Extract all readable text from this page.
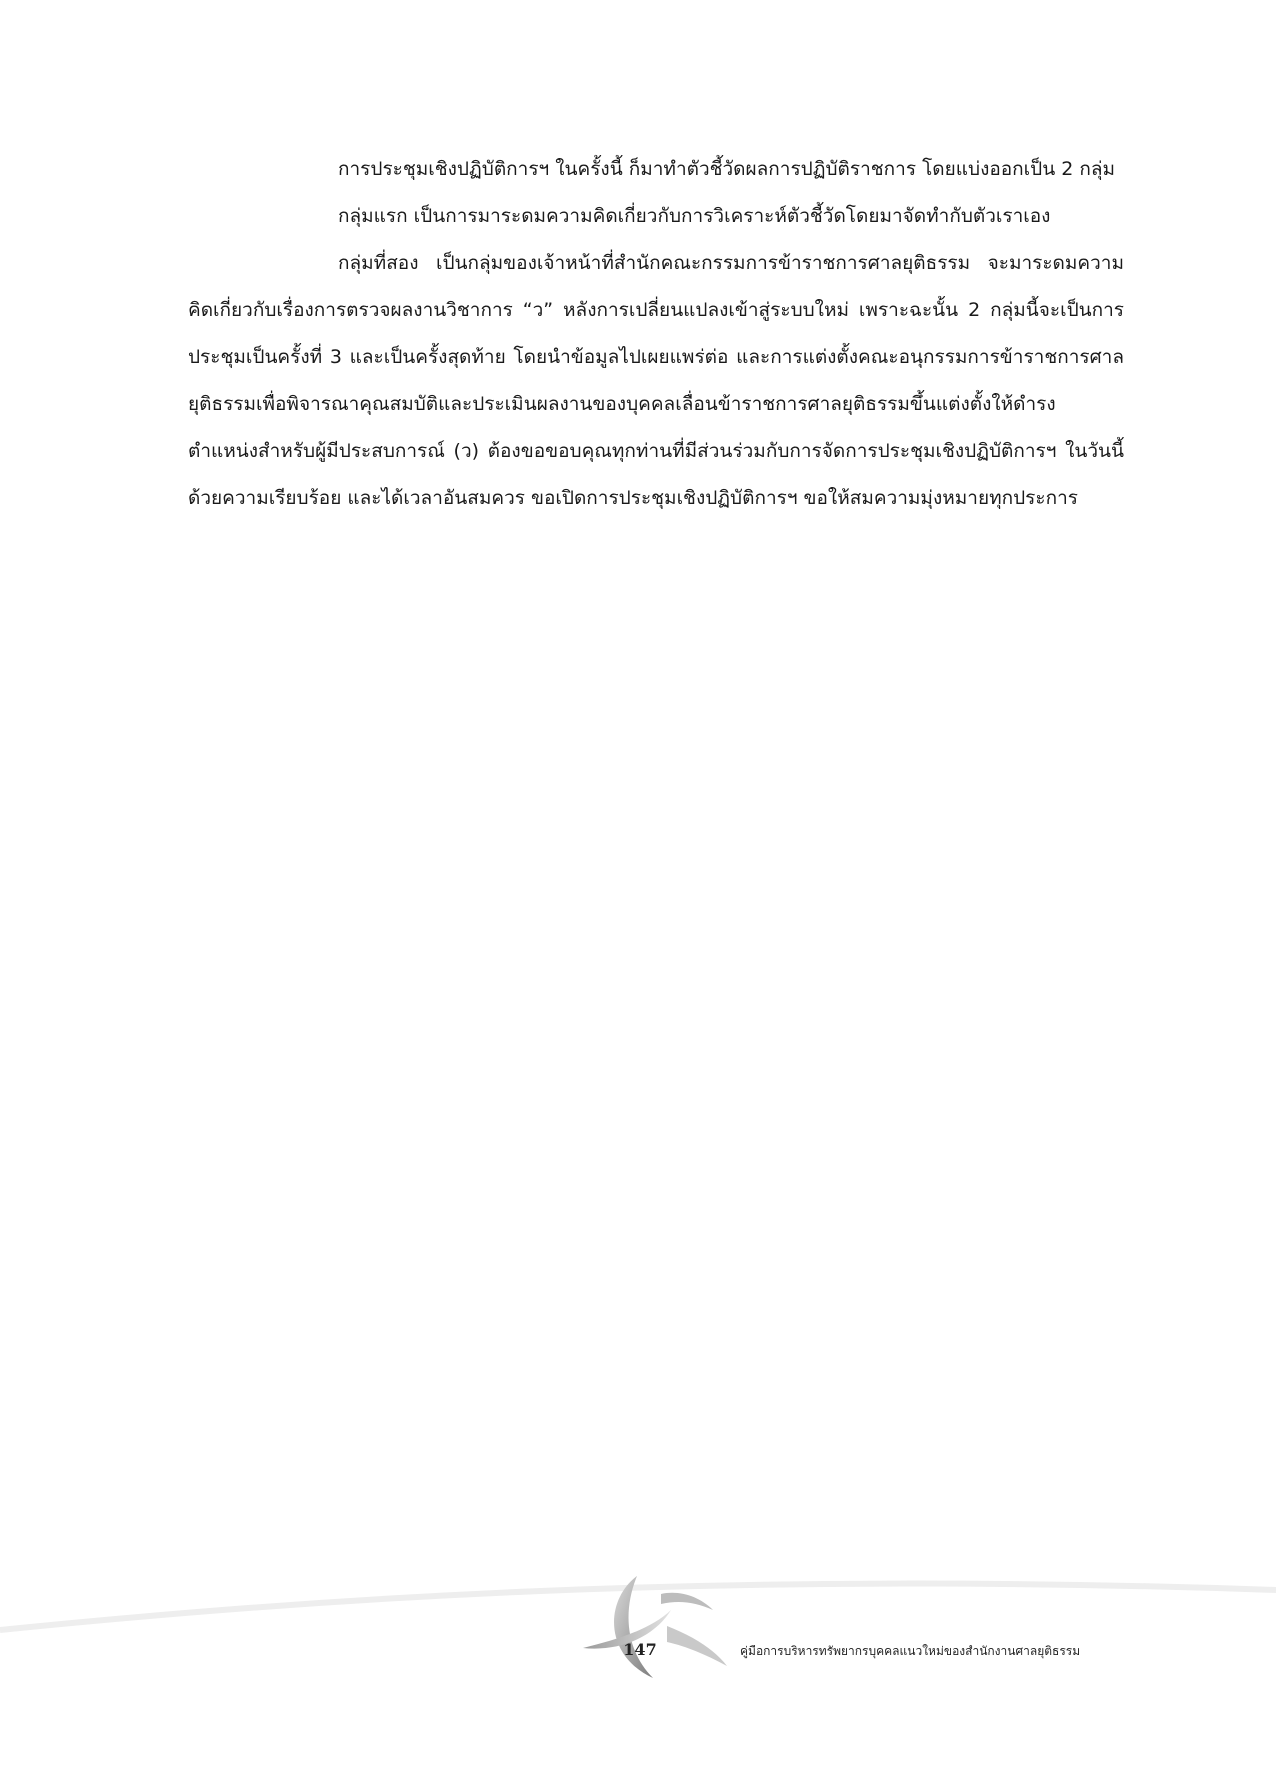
การประชุมเชิงปฏิบัติการฯ ในครั้งนี้ ก็มาทำตัวชี้วัดผลการปฏิบัติราชการ โดยแบ่งออกเป็น 2 กลุ่ม

กลุ่มแรก เป็นการมาระดมความคิดเกี่ยวกับการวิเคราะห์ตัวชี้วัดโดยมาจัดทำกับตัวเราเอง

กลุ่มที่สอง เป็นกลุ่มของเจ้าหน้าที่สำนักคณะกรรมการข้าราชการศาลยุติธรรม จะมาระดมความคิดเกี่ยวกับเรื่องการตรวจผลงานวิชาการ “ว” หลังการเปลี่ยนแปลงเข้าสู่ระบบใหม่ เพราะฉะนั้น 2 กลุ่มนี้จะเป็นการประชุมเป็นครั้งที่ 3 และเป็นครั้งสุดท้าย โดยนำข้อมูลไปเผยแพร่ต่อ และการแต่งตั้งคณะอนุกรรมการข้าราชการศาลยุติธรรมเพื่อพิจารณาคุณสมบัติและประเมินผลงานของบุคคลเลื่อนข้าราชการศาลยุติธรรมขึ้นแต่งตั้งให้ดำรงตำแหน่งสำหรับผู้มีประสบการณ์ (ว) ต้องขอขอบคุณทุกท่านที่มีส่วนร่วมกับการจัดการประชุมเชิงปฏิบัติการฯ ในวันนี้ด้วยความเรียบร้อย และได้เวลาอันสมควร ขอเปิดการประชุมเชิงปฏิบัติการฯ ขอให้สมความมุ่งหมายทุกประการ

147	คู่มือการบริหารทรัพยากรบุคคลแนวใหม่ของสำนักงานศาลยุติธรรม
